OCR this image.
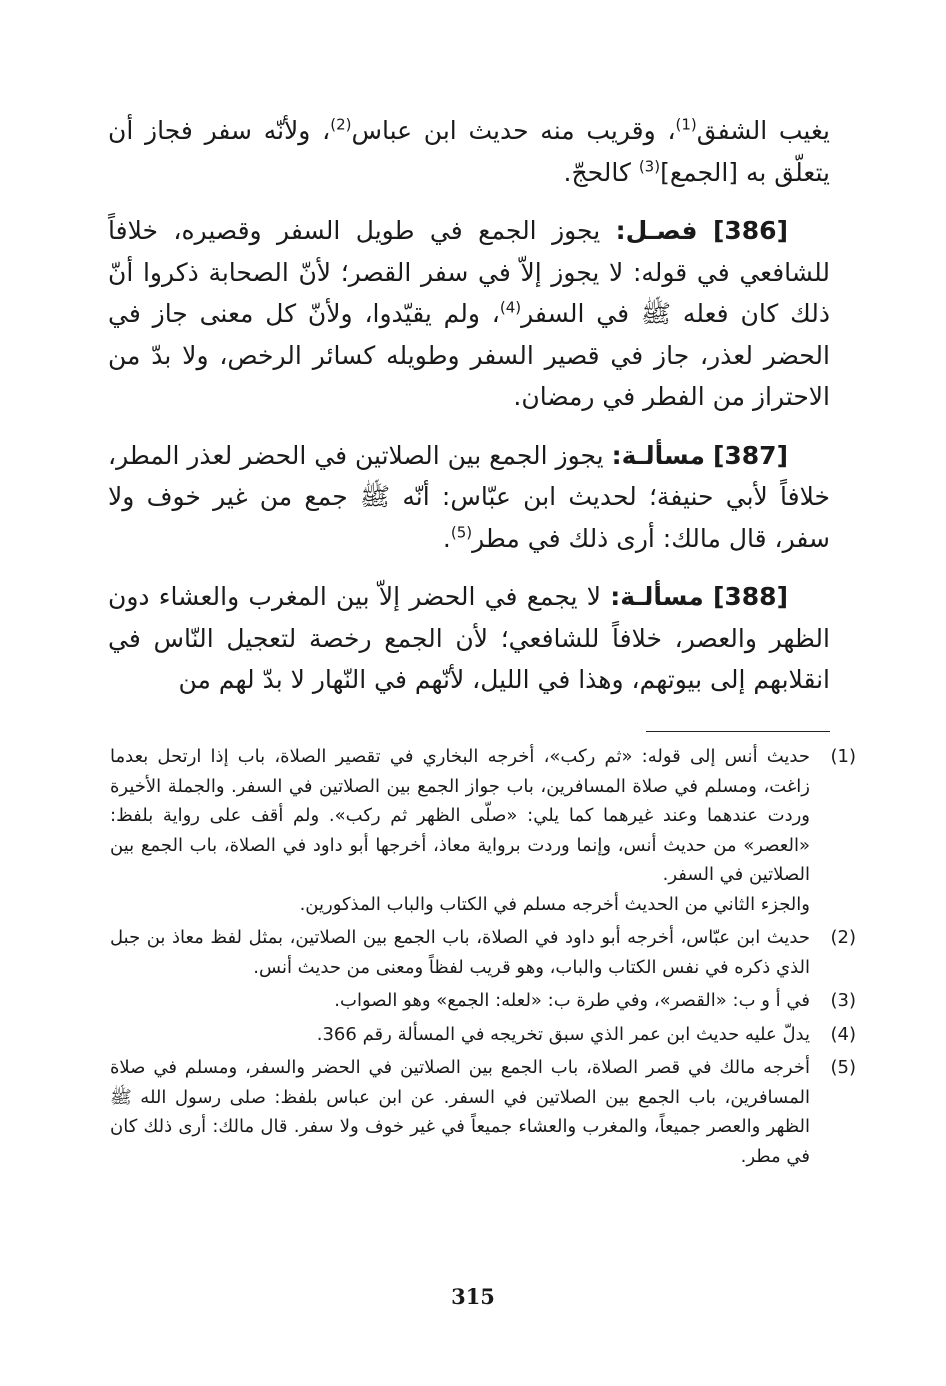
يغيب الشفق$^{(1)}$، وقريب منه حديث ابن عباس$^{(2)}$، ولأنّه سفر فجاز أن يتعلّق به [الجمع]$^{(3)}$ كالحجّ.

[386] فصـل: يجوز الجمع في طويل السفر وقصيره، خلافاً للشافعي في قوله: لا يجوز إلاّ في سفر القصر؛ لأنّ الصحابة ذكروا أنّ ذلك كان فعله ﷺ في السفر$^{(4)}$، ولم يقيّدوا، ولأنّ كل معنى جاز في الحضر لعذر، جاز في قصير السفر وطويله كسائر الرخص، ولا بدّ من الاحتراز من الفطر في رمضان.

[387] مسألـة: يجوز الجمع بين الصلاتين في الحضر لعذر المطر، خلافاً لأبي حنيفة؛ لحديث ابن عبّاس: أنّه ﷺ جمع من غير خوف ولا سفر، قال مالك: أرى ذلك في مطر$^{(5)}$.

[388] مسألـة: لا يجمع في الحضر إلاّ بين المغرب والعشاء دون الظهر والعصر، خلافاً للشافعي؛ لأن الجمع رخصة لتعجيل النّاس في انقلابهم إلى بيوتهم، وهذا في الليل، لأنّهم في النّهار لا بدّ لهم من

(1)
حديث أنس إلى قوله: «ثم ركب»، أخرجه البخاري في تقصير الصلاة، باب إذا ارتحل بعدما زاغت، ومسلم في صلاة المسافرين، باب جواز الجمع بين الصلاتين في السفر. والجملة الأخيرة وردت عندهما وعند غيرهما كما يلي: «صلّى الظهر ثم ركب». ولم أقف على رواية بلفظ: «العصر» من حديث أنس، وإنما وردت برواية معاذ، أخرجها أبو داود في الصلاة، باب الجمع بين الصلاتين في السفر.
والجزء الثاني من الحديث أخرجه مسلم في الكتاب والباب المذكورين.
(2)
حديث ابن عبّاس، أخرجه أبو داود في الصلاة، باب الجمع بين الصلاتين، بمثل لفظ معاذ بن جبل الذي ذكره في نفس الكتاب والباب، وهو قريب لفظاً ومعنى من حديث أنس.
(3)
في أ و ب: «القصر»، وفي طرة ب: «لعله: الجمع» وهو الصواب.
(4)
يدلّ عليه حديث ابن عمر الذي سبق تخريجه في المسألة رقم 366.
(5)
أخرجه مالك في قصر الصلاة، باب الجمع بين الصلاتين في الحضر والسفر، ومسلم في صلاة المسافرين، باب الجمع بين الصلاتين في السفر. عن ابن عباس بلفظ: صلى رسول الله ﷺ الظهر والعصر جميعاً، والمغرب والعشاء جميعاً في غير خوف ولا سفر. قال مالك: أرى ذلك كان في مطر.
315
